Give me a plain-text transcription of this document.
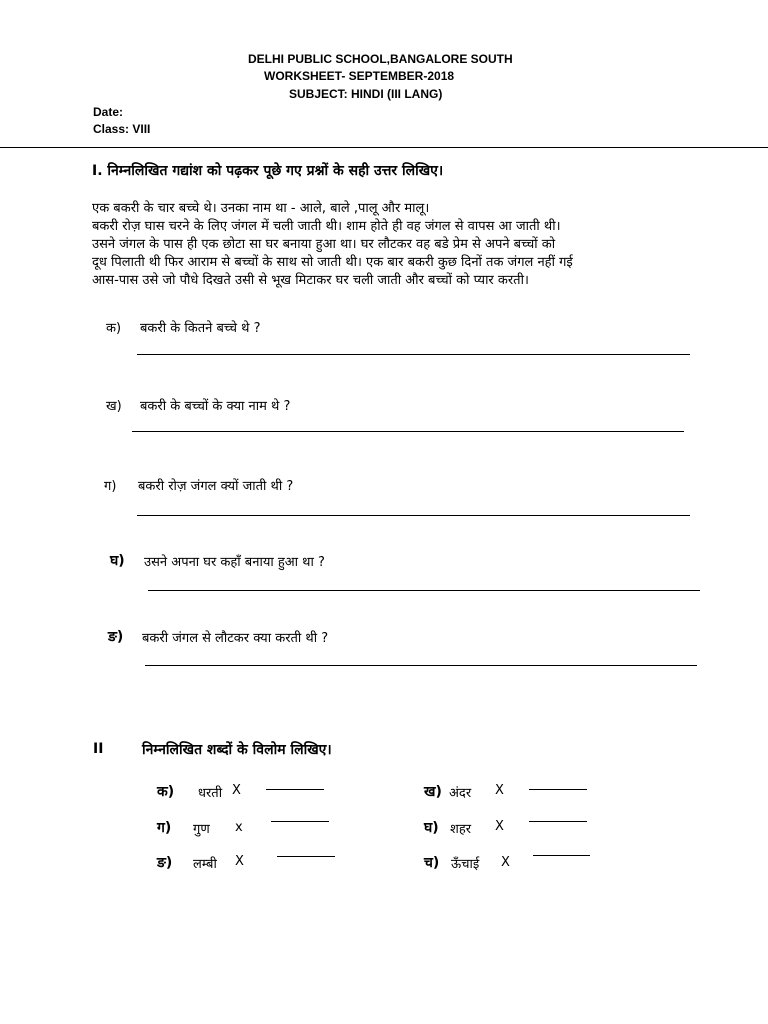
DELHI PUBLIC SCHOOL,BANGALORE SOUTH
WORKSHEET- SEPTEMBER-2018
SUBJECT: HINDI (III LANG)
Date:
Class: VIII
I. निम्नलिखित गद्यांश को पढ़कर पूछे गए प्रश्नों के सही उत्तर लिखिए।
एक बकरी के चार बच्चे थे। उनका नाम था - आले, बाले ,पालू और मालू।
बकरी रोज़ घास चरने के लिए जंगल में चली जाती थी। शाम होते ही वह जंगल से वापस आ जाती थी।
उसने जंगल के पास ही एक छोटा सा घर बनाया हुआ था। घर लौटकर वह बडे प्रेम से अपने बच्चों को
दूध पिलाती थी फिर आराम से बच्चों के साथ सो जाती थी। एक बार बकरी कुछ दिनों तक जंगल नहीं गई
आस-पास उसे जो पौधे दिखते उसी से भूख मिटाकर घर चली जाती और बच्चों को प्यार करती।
क) बकरी के कितने बच्चे थे ?
ख) बकरी के बच्चों के क्या नाम थे ?
ग) बकरी रोज़ जंगल क्यों जाती थी ?
घ) उसने अपना घर कहाँ बनाया हुआ था ?
ङ) बकरी जंगल से लौटकर क्या करती थी ?
II	निम्नलिखित शब्दों के विलोम लिखिए।
क) धरती X	ख) अंदर X
ग) गुण x	घ) शहर X
ङ) लम्बी X	च) ऊँचाई X
